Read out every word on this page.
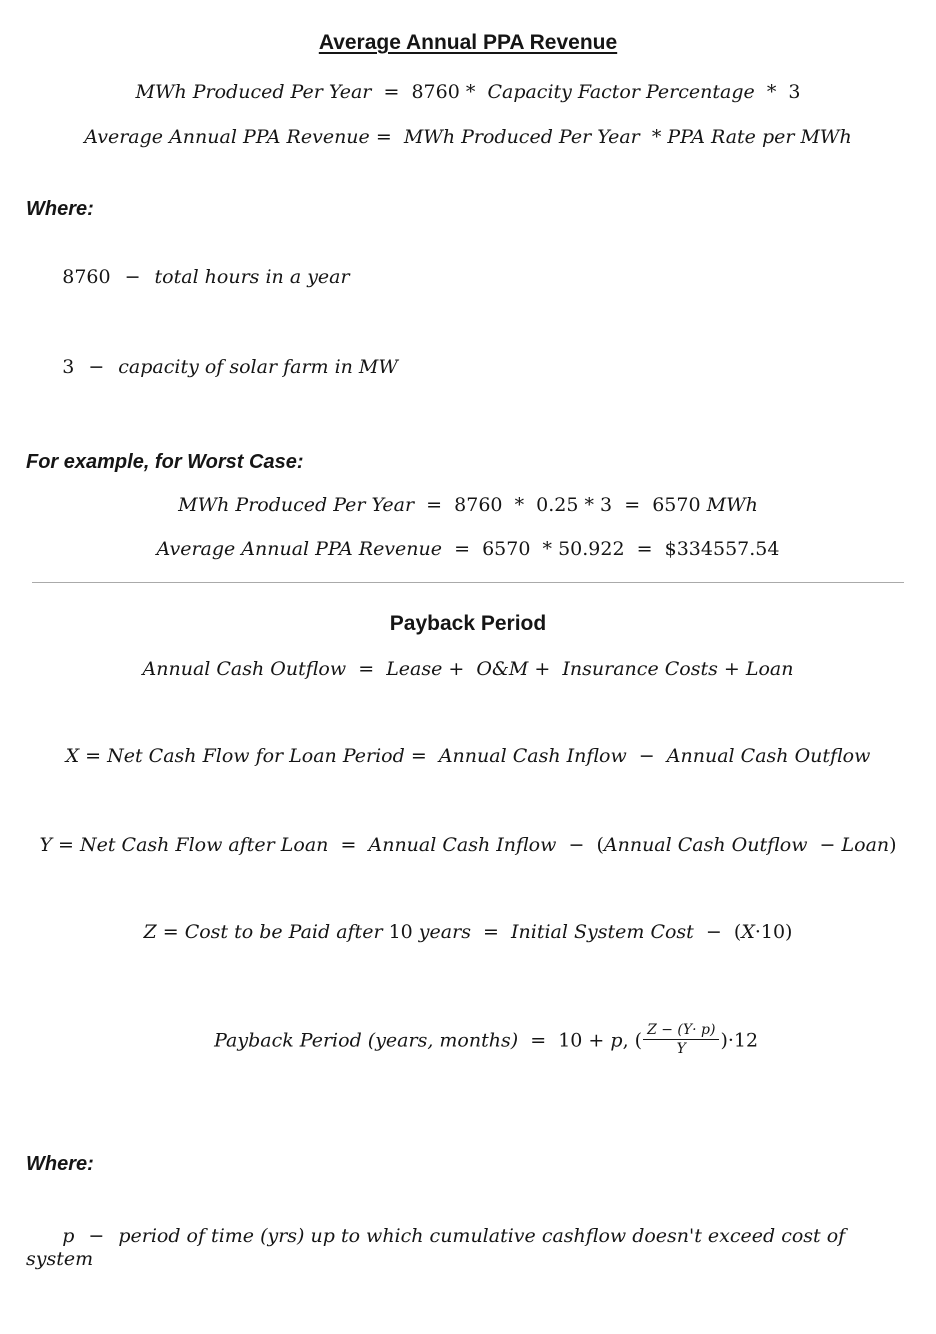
Average Annual PPA Revenue
MWh Produced Per Year  =  8760 *  Capacity Factor Percentage  *  3
Average Annual PPA Revenue =  MWh Produced Per Year  * PPA Rate per MWh
Where:

8760 − total hours in a year

3 − capacity of solar farm in MW

For example, for Worst Case:
MWh Produced Per Year  =  8760  *  0.25 * 3  =  6570 MWh
Average Annual PPA Revenue  =  6570  * 50.922  =  $334557.54
Payback Period
Annual Cash Outflow  =  Lease +  O&M +  Insurance Costs + Loan
X = Net Cash Flow for Loan Period =  Annual Cash Inflow  −  Annual Cash Outflow
Y = Net Cash Flow after Loan  =  Annual Cash Inflow  −  (Annual Cash Outflow  − Loan)
Z = Cost to be Paid after 10 years  =  Initial System Cost  −  (X·10)

Payback Period (years, months)  =  10 + p, ( $\frac{Z - (Y\cdot p)}{Y} )\cdot 12$

Where:

p − period of time (yrs) up to which cumulative cashflow doesn't exceed cost of system
